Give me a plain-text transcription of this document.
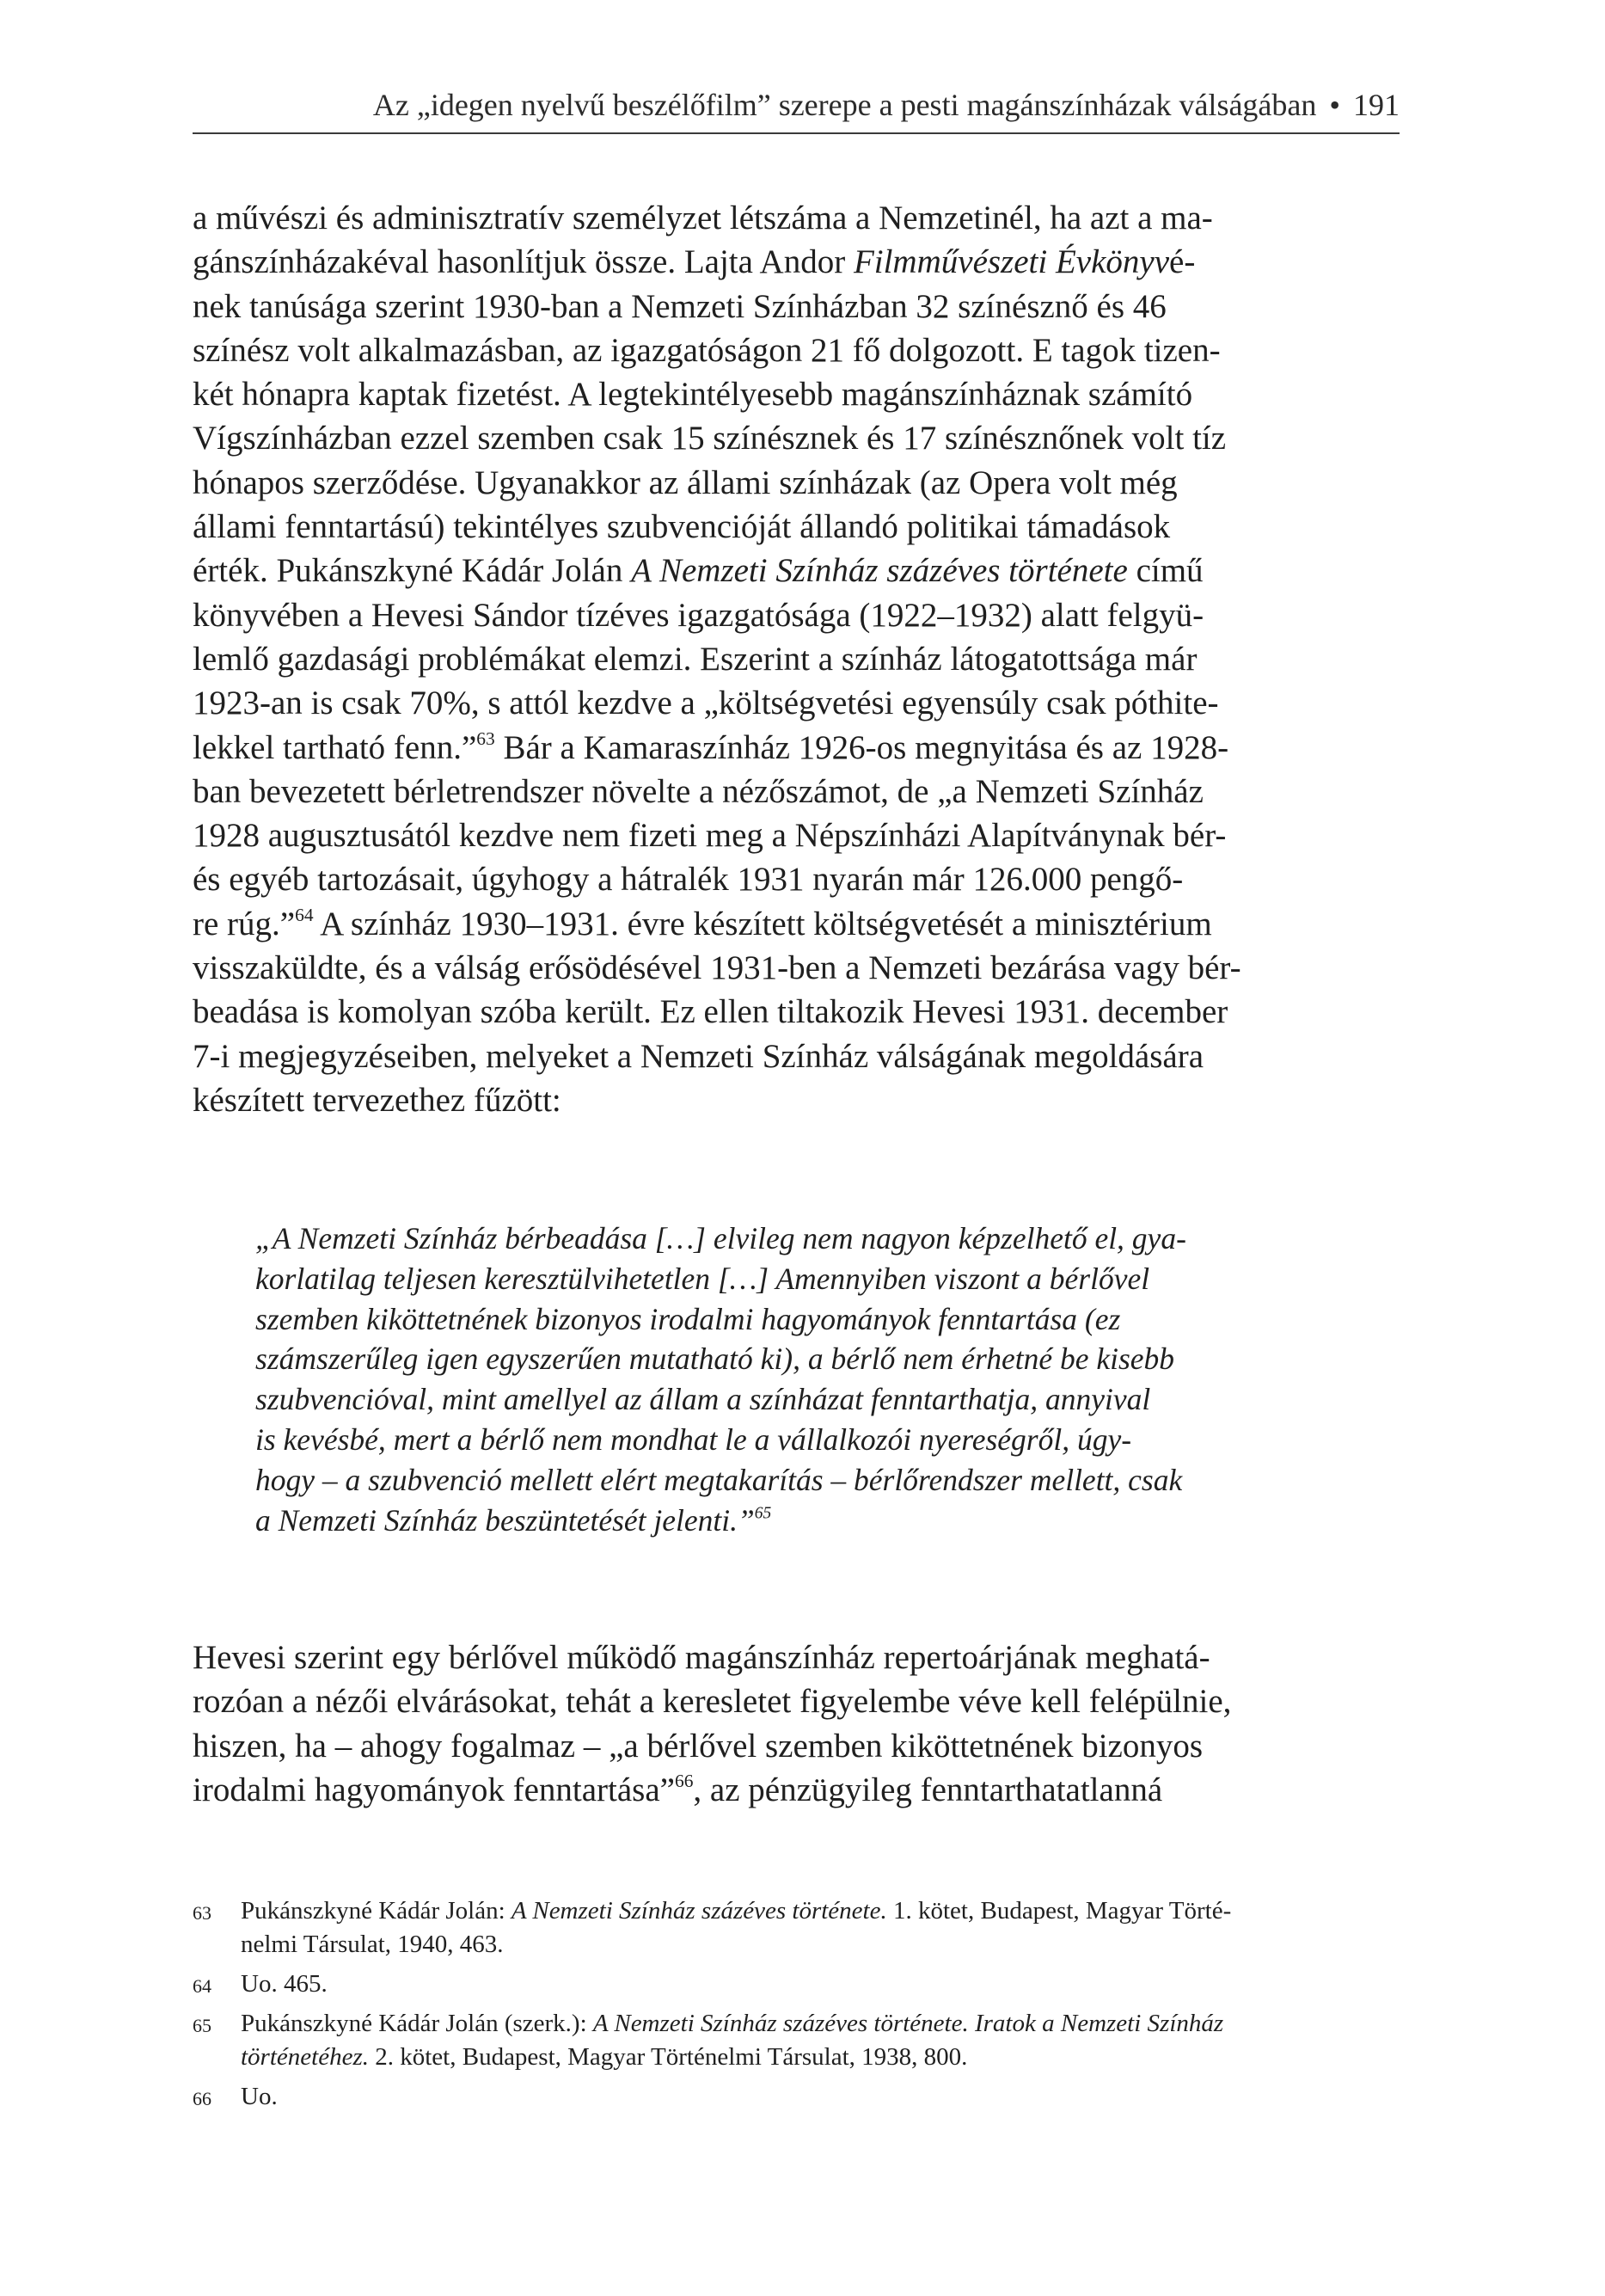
Az „idegen nyelvű beszélőfilm” szerepe a pesti magánszínházak válságában • 191
a művészi és adminisztratív személyzet létszáma a Nemzetinél, ha azt a ma-gánszínházakéval hasonlítjuk össze. Lajta Andor Filmművészeti Évkönyvé-nek tanúsága szerint 1930-ban a Nemzeti Színházban 32 színésznő és 46színész volt alkalmazásban, az igazgatóságon 21 fő dolgozott. E tagok tizen-két hónapra kaptak fizetést. A legtekintélyesebb magánszínháznak számítóVígszínházban ezzel szemben csak 15 színésznek és 17 színésznőnek volt tízhónapos szerződése. Ugyanakkor az állami színházak (az Opera volt mégállami fenntartású) tekintélyes szubvencióját állandó politikai támadásokérték. Pukánszkyné Kádár Jolán A Nemzeti Színház százéves története címűkönyvében a Hevesi Sándor tízéves igazgatósága (1922–1932) alatt felgyü-lemlő gazdasági problémákat elemzi. Eszerint a színház látogatottsága már1923-an is csak 70%, s attól kezdve a „költségvetési egyensúly csak póthite-lekkel tartható fenn.”$^{63}$ Bár a Kamaraszínház 1926-os megnyitása és az 1928-ban bevezetett bérletrendszer növelte a nézőszámot, de „a Nemzeti Színház1928 augusztusától kezdve nem fizeti meg a Népszínházi Alapítványnak bér-és egyéb tartozásait, úgyhogy a hátralék 1931 nyarán már 126.000 pengő-re rúg.”$^{64}$ A színház 1930–1931. évre készített költségvetését a minisztériumvisszaküldte, és a válság erősödésével 1931-ben a Nemzeti bezárása vagy bér-beadása is komolyan szóba került. Ez ellen tiltakozik Hevesi 1931. december7-i megjegyzéseiben, melyeket a Nemzeti Színház válságának megoldásárakészített tervezethez fűzött:
„A Nemzeti Színház bérbeadása […] elvileg nem nagyon képzelhető el, gya-korlatilag teljesen keresztülvihetetlen […] Amennyiben viszont a bérlővelszemben kiköttetnének bizonyos irodalmi hagyományok fenntartása (ezszámszerűleg igen egyszerűen mutatható ki), a bérlő nem érhetné be kisebbszubvencióval, mint amellyel az állam a színházat fenntarthatja, annyivalis kevésbé, mert a bérlő nem mondhat le a vállalkozói nyereségről, úgy-hogy – a szubvenció mellett elért megtakarítás – bérlőrendszer mellett, csaka Nemzeti Színház beszüntetését jelenti.”$^{65}$
Hevesi szerint egy bérlővel működő magánszínház repertoárjának meghatá-rozóan a nézői elvárásokat, tehát a keresletet figyelembe véve kell felépülnie,hiszen, ha – ahogy fogalmaz – „a bérlővel szemben kiköttetnének bizonyosirodalmi hagyományok fenntartása”$^{66}$, az pénzügyileg fenntarthatatlanná
63 Pukánszkyné Kádár Jolán: A Nemzeti Színház százéves története. 1. kötet, Budapest, Magyar Törté-nelmi Társulat, 1940, 463.
64 Uo. 465.
65 Pukánszkyné Kádár Jolán (szerk.): A Nemzeti Színház százéves története. Iratok a Nemzeti Színháztörténetéhez. 2. kötet, Budapest, Magyar Történelmi Társulat, 1938, 800.
66 Uo.
